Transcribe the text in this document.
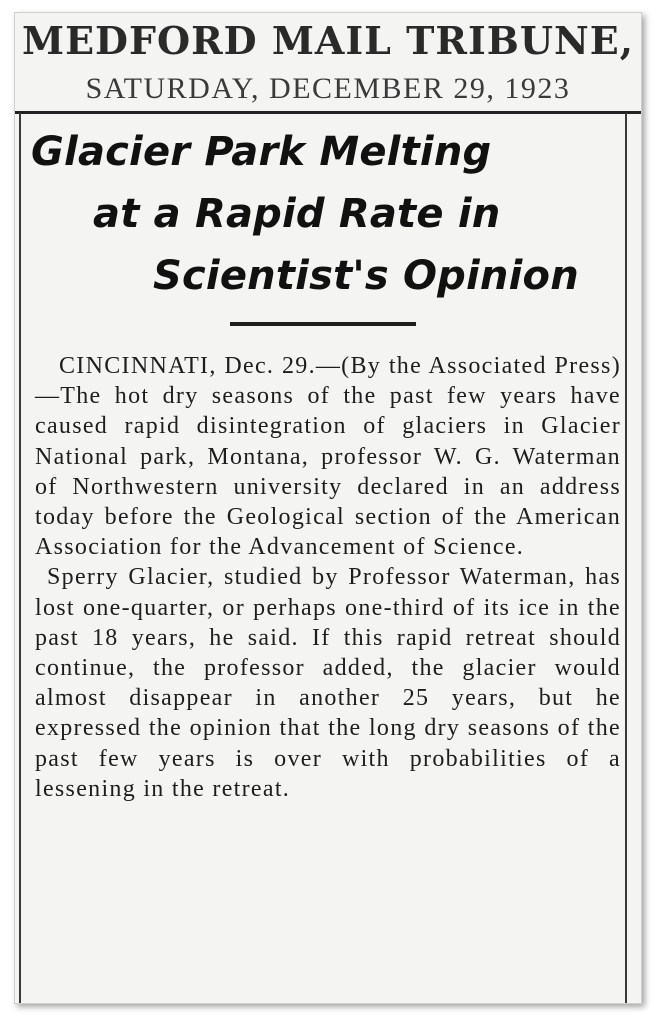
MEDFORD MAIL TRIBUNE,
SATURDAY, DECEMBER 29, 1923
Glacier Park Melting
at a Rapid Rate in
Scientist's Opinion

CINCINNATI, Dec. 29.—(By the Associated Press)—The hot dry seasons of the past few years have caused rapid disintegration of glaciers in Glacier National park, Montana, professor W. G. Waterman of Northwestern university declared in an address today before the Geological section of the American Association for the Advancement of Science.

Sperry Glacier, studied by Professor Waterman, has lost one-quarter, or perhaps one-third of its ice in the past 18 years, he said. If this rapid retreat should continue, the professor added, the glacier would almost disappear in another 25 years, but he expressed the opinion that the long dry seasons of the past few years is over with probabilities of a lessening in the retreat.
